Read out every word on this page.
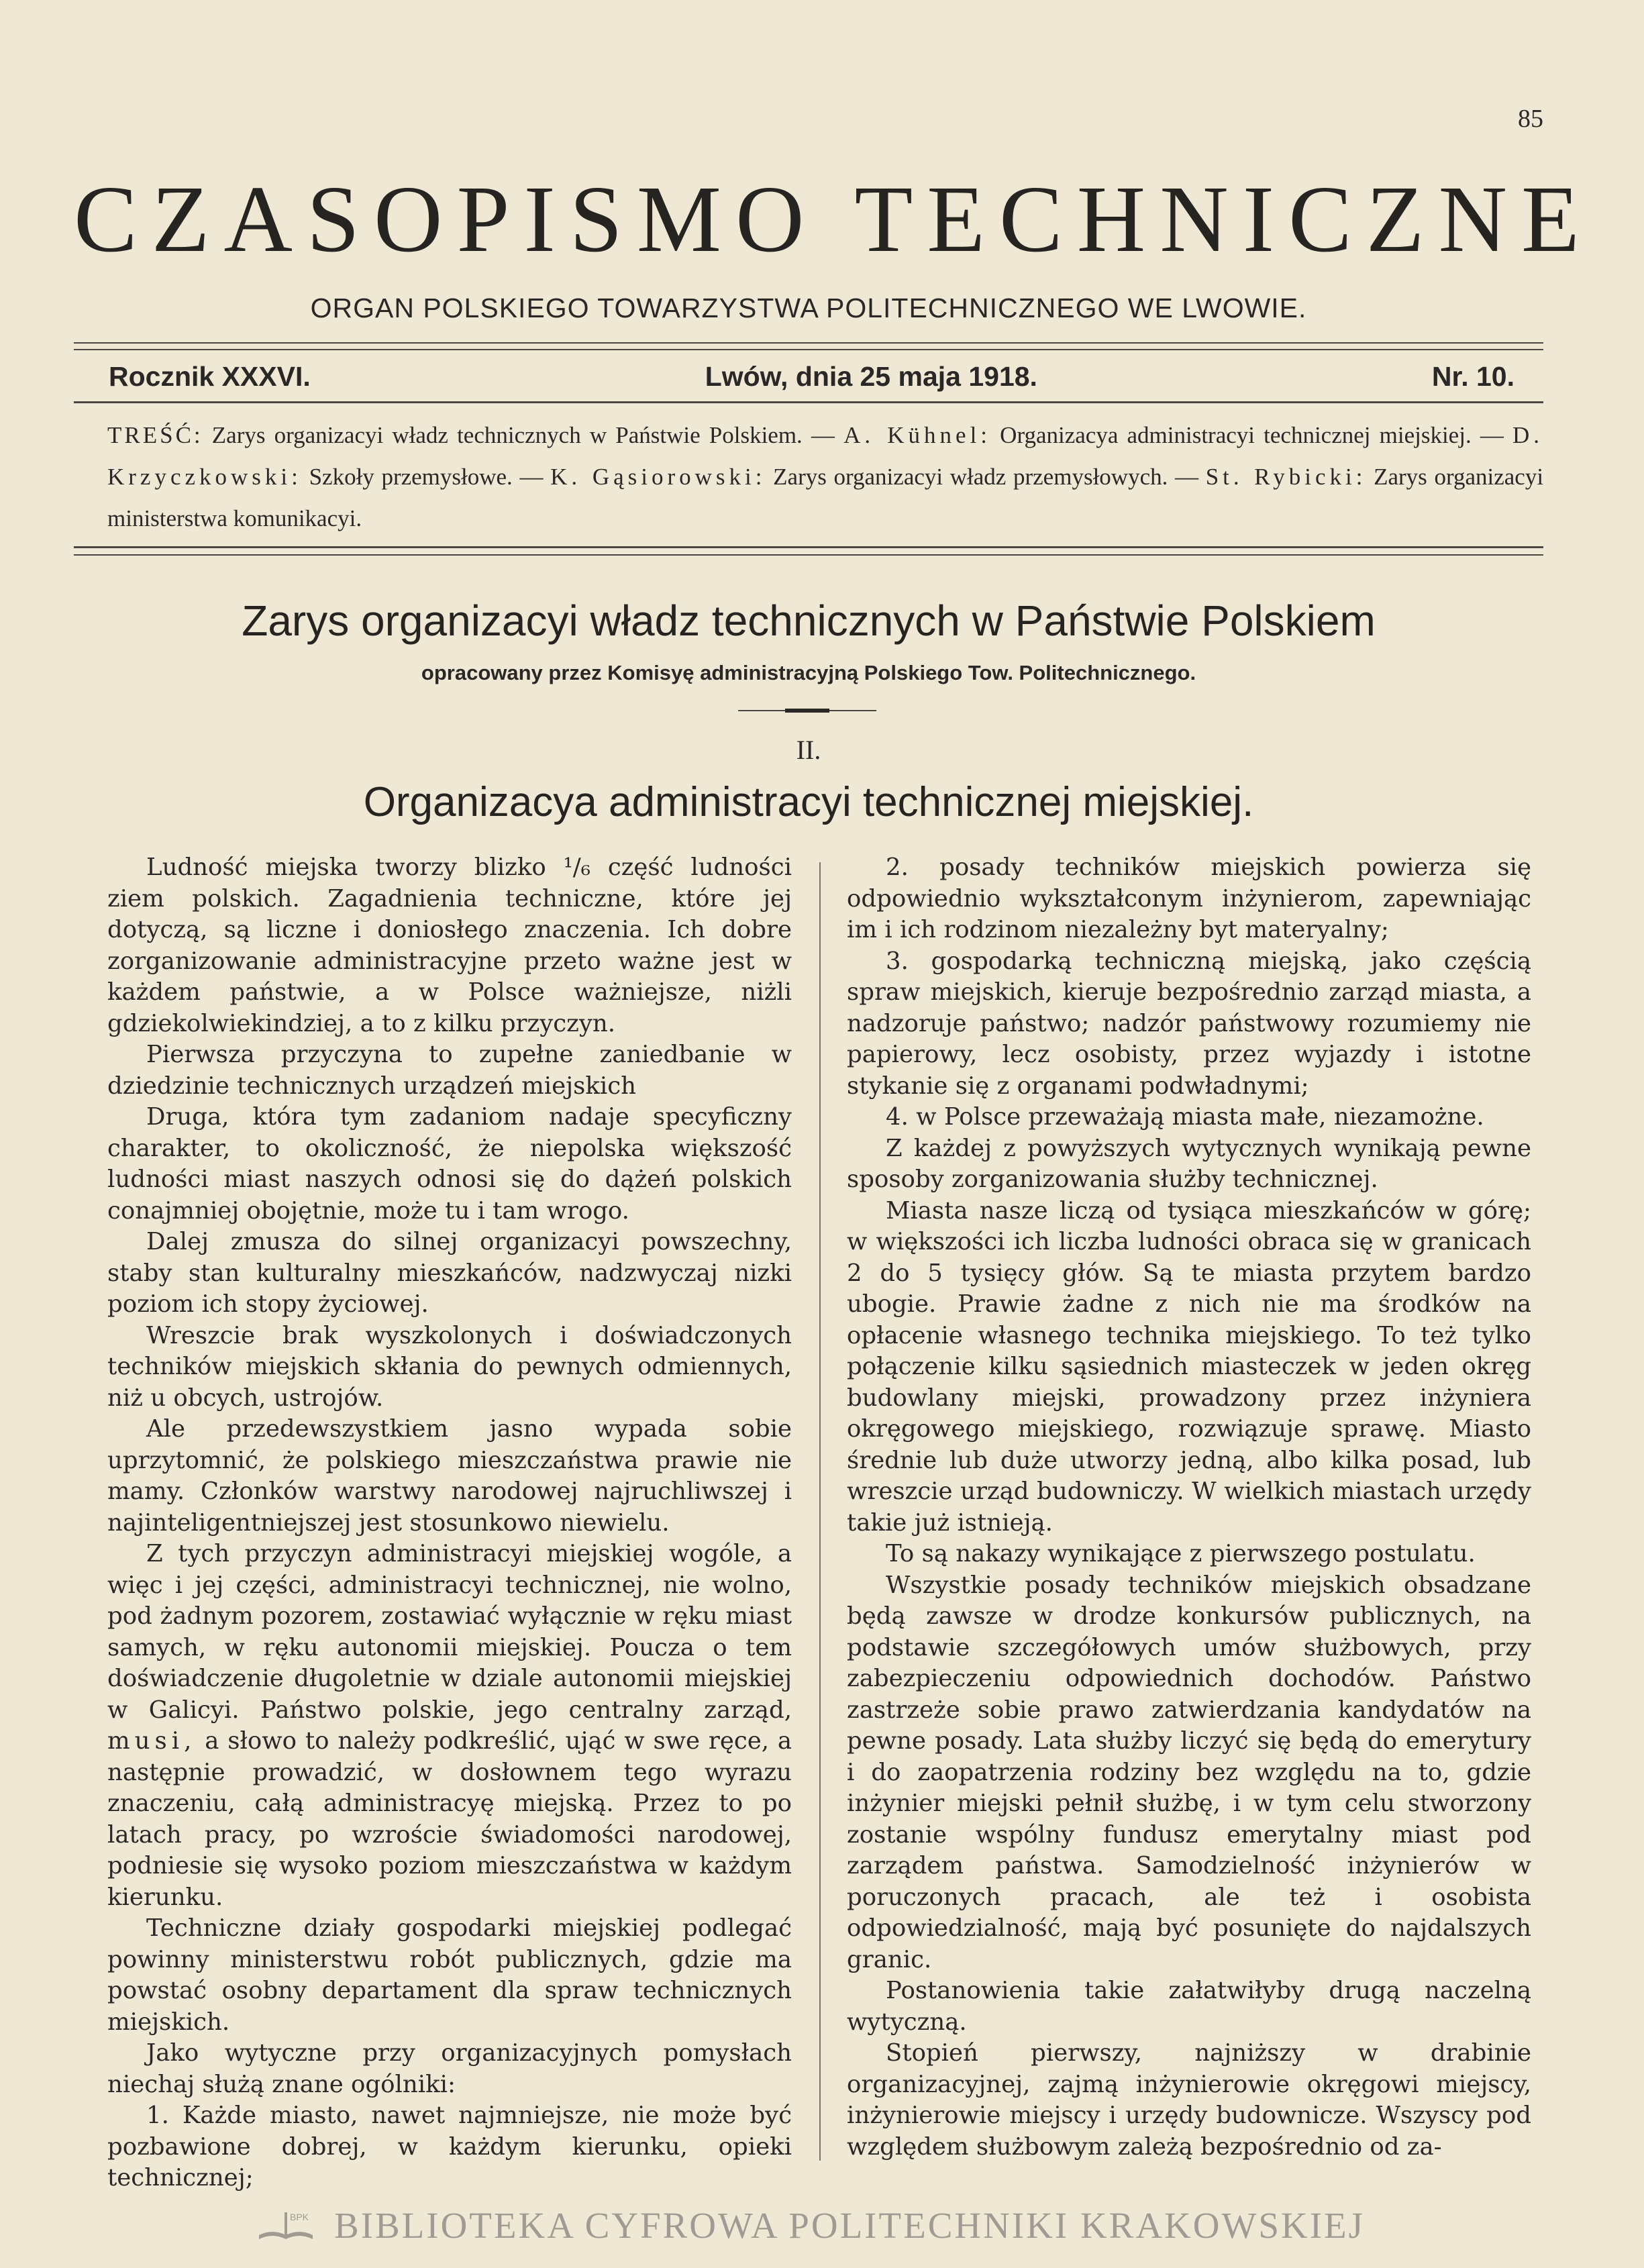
85
CZASOPISMO TECHNICZNE
ORGAN POLSKIEGO TOWARZYSTWA POLITECHNICZNEGO WE LWOWIE.
Rocznik XXXVI.	Lwów, dnia 25 maja 1918.	Nr. 10.
TREŚĆ: Zarys organizacyi władz technicznych w Państwie Polskiem. — A. Kühnel: Organizacya administracyi technicznej miejskiej. — D. Krzyczkowski: Szkoły przemysłowe. — K. Gąsiorowski: Zarys organizacyi władz przemysłowych. — St. Rybicki: Zarys organizacyi ministerstwa komunikacyi.
Zarys organizacyi władz technicznych w Państwie Polskiem
opracowany przez Komisyę administracyjną Polskiego Tow. Politechnicznego.
II.
Organizacya administracyi technicznej miejskiej.

Ludność miejska tworzy blizko ¹/₆ część ludności ziem polskich. Zagadnienia techniczne, które jej dotyczą, są liczne i doniosłego znaczenia. Ich dobre zorganizowanie administracyjne przeto ważne jest w każdem państwie, a w Polsce ważniejsze, niżli gdziekolwiekindziej, a to z kilku przyczyn.

Pierwsza przyczyna to zupełne zaniedbanie w dziedzinie technicznych urządzeń miejskich

Druga, która tym zadaniom nadaje specyficzny charakter, to okoliczność, że niepolska większość ludności miast naszych odnosi się do dążeń polskich conajmniej obojętnie, może tu i tam wrogo.

Dalej zmusza do silnej organizacyi powszechny, staby stan kulturalny mieszkańców, nadzwyczaj nizki poziom ich stopy życiowej.

Wreszcie brak wyszkolonych i doświadczonych techników miejskich skłania do pewnych odmiennych, niż u obcych, ustrojów.

Ale przedewszystkiem jasno wypada sobie uprzytomnić, że polskiego mieszczaństwa prawie nie mamy. Członków warstwy narodowej najruchliwszej i najinteligentniejszej jest stosunkowo niewielu.

Z tych przyczyn administracyi miejskiej wogóle, a więc i jej części, administracyi technicznej, nie wolno, pod żadnym pozorem, zostawiać wyłącznie w ręku miast samych, w ręku autonomii miejskiej. Poucza o tem doświadczenie długoletnie w dziale autonomii miejskiej w Galicyi. Państwo polskie, jego centralny zarząd, musi, a słowo to należy podkreślić, ująć w swe ręce, a następnie prowadzić, w dosłownem tego wyrazu znaczeniu, całą administracyę miejską. Przez to po latach pracy, po wzroście świadomości narodowej, podniesie się wysoko poziom mieszczaństwa w każdym kierunku.

Techniczne działy gospodarki miejskiej podlegać powinny ministerstwu robót publicznych, gdzie ma powstać osobny departament dla spraw technicznych miejskich.

Jako wytyczne przy organizacyjnych pomysłach niechaj służą znane ogólniki:

1. Każde miasto, nawet najmniejsze, nie może być pozbawione dobrej, w każdym kierunku, opieki technicznej;

2. posady techników miejskich powierza się odpowiednio wykształconym inżynierom, zapewniając im i ich rodzinom niezależny byt materyalny;

3. gospodarką techniczną miejską, jako częścią spraw miejskich, kieruje bezpośrednio zarząd miasta, a nadzoruje państwo; nadzór państwowy rozumiemy nie papierowy, lecz osobisty, przez wyjazdy i istotne stykanie się z organami podwładnymi;

4. w Polsce przeważają miasta małe, niezamożne.

Z każdej z powyższych wytycznych wynikają pewne sposoby zorganizowania służby technicznej.

Miasta nasze liczą od tysiąca mieszkańców w górę; w większości ich liczba ludności obraca się w granicach 2 do 5 tysięcy głów. Są te miasta przytem bardzo ubogie. Prawie żadne z nich nie ma środków na opłacenie własnego technika miejskiego. To też tylko połączenie kilku sąsiednich miasteczek w jeden okręg budowlany miejski, prowadzony przez inżyniera okręgowego miejskiego, rozwiązuje sprawę. Miasto średnie lub duże utworzy jedną, albo kilka posad, lub wreszcie urząd budowniczy. W wielkich miastach urzędy takie już istnieją.

To są nakazy wynikające z pierwszego postulatu.

Wszystkie posady techników miejskich obsadzane będą zawsze w drodze konkursów publicznych, na podstawie szczegółowych umów służbowych, przy zabezpieczeniu odpowiednich dochodów. Państwo zastrzeże sobie prawo zatwierdzania kandydatów na pewne posady. Lata służby liczyć się będą do emerytury i do zaopatrzenia rodziny bez względu na to, gdzie inżynier miejski pełnił służbę, i w tym celu stworzony zostanie wspólny fundusz emerytalny miast pod zarządem państwa. Samodzielność inżynierów w poruczonych pracach, ale też i osobista odpowiedzialność, mają być posunięte do najdalszych granic.

Postanowienia takie załatwiłyby drugą naczelną wytyczną.

Stopień pierwszy, najniższy w drabinie organizacyjnej, zajmą inżynierowie okręgowi miejscy, inżynierowie miejscy i urzędy budownicze. Wszyscy pod względem służbowym zależą bezpośrednio od za-

BPK BIBLIOTEKA CYFROWA POLITECHNIKI KRAKOWSKIEJ
